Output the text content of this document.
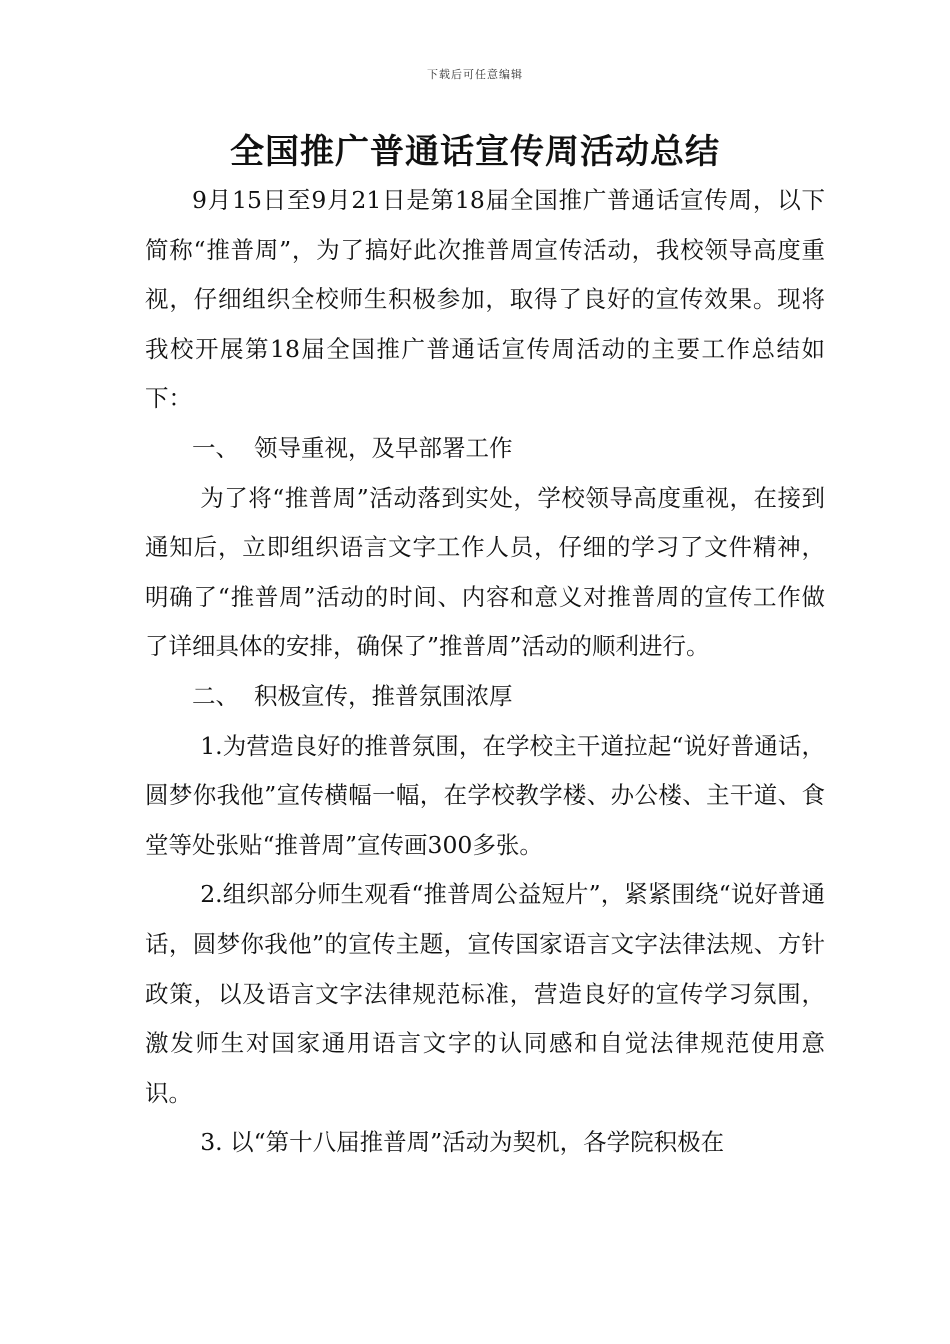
下载后可任意编辑
全国推广普通话宣传周活动总结

9月15日至9月21日是第18届全国推广普通话宣传周，以下简称“推普周”，为了搞好此次推普周宣传活动，我校领导高度重视，仔细组织全校师生积极参加，取得了良好的宣传效果。现将我校开展第18届全国推广普通话宣传周活动的主要工作总结如下：

一、  领导重视，及早部署工作

为了将“推普周”活动落到实处，学校领导高度重视，在接到通知后，立即组织语言文字工作人员，仔细的学习了文件精神，明确了“推普周”活动的时间、内容和意义对推普周的宣传工作做了详细具体的安排，确保了”推普周”活动的顺利进行。

二、  积极宣传，推普氛围浓厚

1.为营造良好的推普氛围，在学校主干道拉起“说好普通话，圆梦你我他”宣传横幅一幅，在学校教学楼、办公楼、主干道、食堂等处张贴“推普周”宣传画300多张。

2.组织部分师生观看“推普周公益短片”，紧紧围绕“说好普通话，圆梦你我他”的宣传主题，宣传国家语言文字法律法规、方针政策，以及语言文字法律规范标准，营造良好的宣传学习氛围，激发师生对国家通用语言文字的认同感和自觉法律规范使用意识。

3. 以“第十八届推普周”活动为契机，各学院积极在
